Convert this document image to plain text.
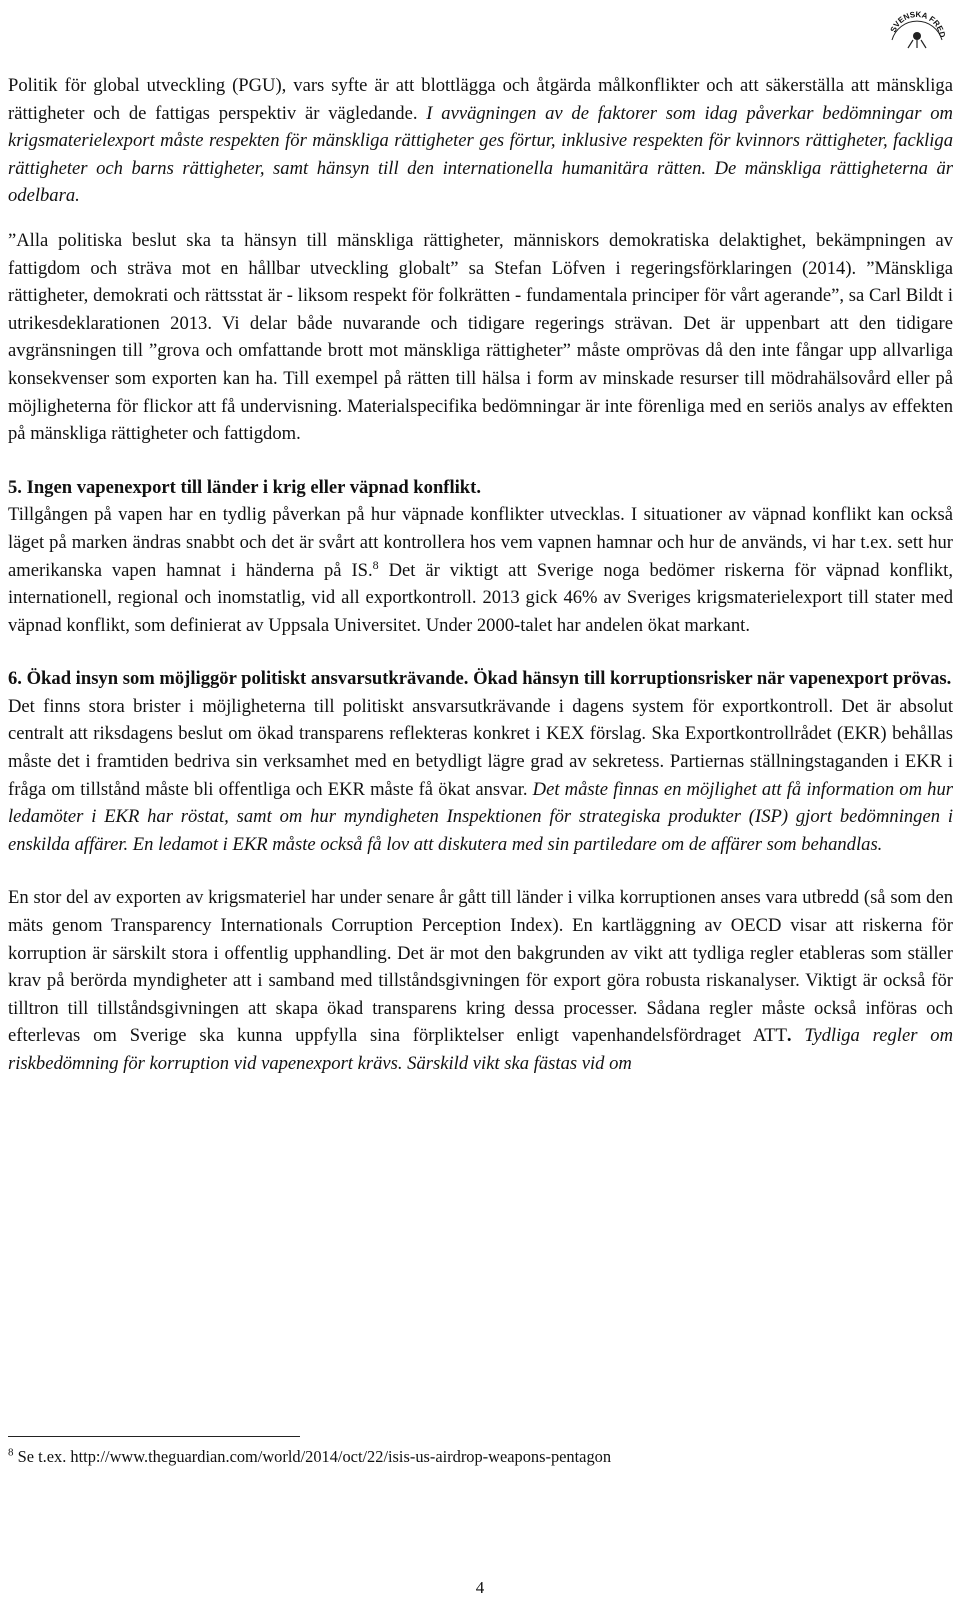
SVENSKA FRED

Politik för global utveckling (PGU), vars syfte är att blottlägga och åtgärda målkonflikter och att säkerställa att mänskliga rättigheter och de fattigas perspektiv är vägledande. I avvägningen av de faktorer som idag påverkar bedömningar om krigsmaterielexport måste respekten för mänskliga rättigheter ges förtur, inklusive respekten för kvinnors rättigheter, fackliga rättigheter och barns rättigheter, samt hänsyn till den internationella humanitära rätten. De mänskliga rättigheterna är odelbara.

”Alla politiska beslut ska ta hänsyn till mänskliga rättigheter, människors demokratiska delaktighet, bekämpningen av fattigdom och sträva mot en hållbar utveckling globalt” sa Stefan Löfven i regeringsförklaringen (2014). ”Mänskliga rättigheter, demokrati och rättsstat är - liksom respekt för folkrätten - fundamentala principer för vårt agerande”, sa Carl Bildt i utrikesdeklarationen 2013. Vi delar både nuvarande och tidigare regerings strävan. Det är uppenbart att den tidigare avgränsningen till ”grova och omfattande brott mot mänskliga rättigheter” måste omprövas då den inte fångar upp allvarliga konsekvenser som exporten kan ha. Till exempel på rätten till hälsa i form av minskade resurser till mödrahälsovård eller på möjligheterna för flickor att få undervisning. Materialspecifika bedömningar är inte förenliga med en seriös analys av effekten på mänskliga rättigheter och fattigdom.

5. Ingen vapenexport till länder i krig eller väpnad konflikt.

Tillgången på vapen har en tydlig påverkan på hur väpnade konflikter utvecklas. I situationer av väpnad konflikt kan också läget på marken ändras snabbt och det är svårt att kontrollera hos vem vapnen hamnar och hur de används, vi har t.ex. sett hur amerikanska vapen hamnat i händerna på IS.$^8$ Det är viktigt att Sverige noga bedömer riskerna för väpnad konflikt, internationell, regional och inomstatlig, vid all exportkontroll. 2013 gick 46% av Sveriges krigsmaterielexport till stater med väpnad konflikt, som definierat av Uppsala Universitet. Under 2000-talet har andelen ökat markant.

6. Ökad insyn som möjliggör politiskt ansvarsutkrävande. Ökad hänsyn till korruptionsrisker när vapenexport prövas.

Det finns stora brister i möjligheterna till politiskt ansvarsutkrävande i dagens system för exportkontroll. Det är absolut centralt att riksdagens beslut om ökad transparens reflekteras konkret i KEX förslag. Ska Exportkontrollrådet (EKR) behållas måste det i framtiden bedriva sin verksamhet med en betydligt lägre grad av sekretess. Partiernas ställningstaganden i EKR i fråga om tillstånd måste bli offentliga och EKR måste få ökat ansvar. Det måste finnas en möjlighet att få information om hur ledamöter i EKR har röstat, samt om hur myndigheten Inspektionen för strategiska produkter (ISP) gjort bedömningen i enskilda affärer. En ledamot i EKR måste också få lov att diskutera med sin partiledare om de affärer som behandlas.

En stor del av exporten av krigsmateriel har under senare år gått till länder i vilka korruptionen anses vara utbredd (så som den mäts genom Transparency Internationals Corruption Perception Index). En kartläggning av OECD visar att riskerna för korruption är särskilt stora i offentlig upphandling. Det är mot den bakgrunden av vikt att tydliga regler etableras som ställer krav på berörda myndigheter att i samband med tillståndsgivningen för export göra robusta riskanalyser. Viktigt är också för tilltron till tillståndsgivningen att skapa ökad transparens kring dessa processer. Sådana regler måste också införas och efterlevas om Sverige ska kunna uppfylla sina förpliktelser enligt vapenhandelsfördraget ATT. Tydliga regler om riskbedömning för korruption vid vapenexport krävs. Särskild vikt ska fästas vid om

$^8$ Se t.ex. http://www.theguardian.com/world/2014/oct/22/isis-us-airdrop-weapons-pentagon
4
